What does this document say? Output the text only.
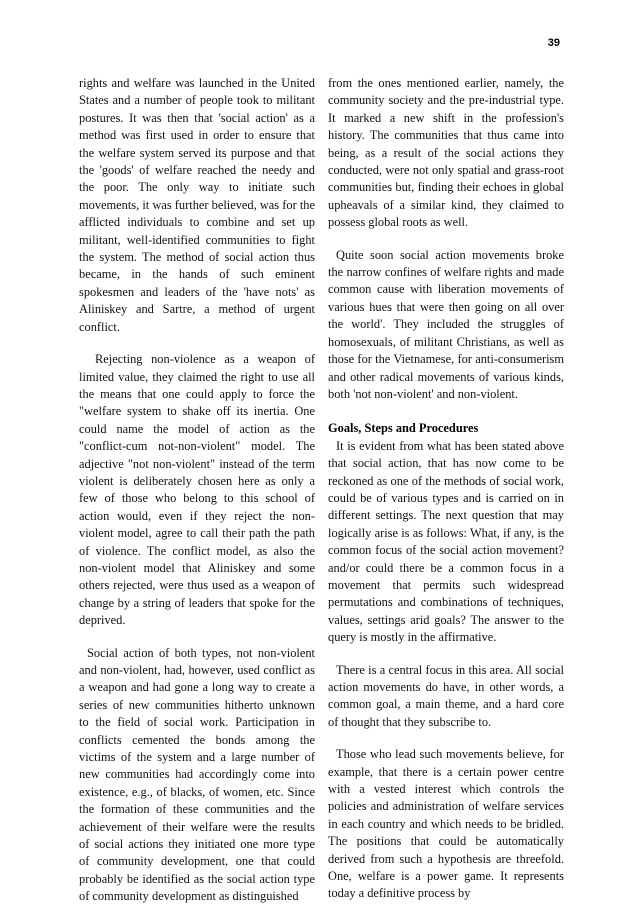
39

rights and welfare was launched in the United States and a number of people took to militant postures. It was then that 'social action' as a method was first used in order to ensure that the welfare system served its purpose and that the 'goods' of welfare reached the needy and the poor. The only way to initiate such movements, it was further believed, was for the afflicted individuals to combine and set up militant, well-identified communities to fight the system. The method of social action thus became, in the hands of such eminent spokesmen and leaders of the 'have nots' as Aliniskey and Sartre, a method of urgent conflict.

Rejecting non-violence as a weapon of limited value, they claimed the right to use all the means that one could apply to force the "welfare system to shake off its inertia. One could name the model of action as the "conflict-cum not-non-violent" model. The adjective "not non-violent" instead of the term violent is deliberately chosen here as only a few of those who belong to this school of action would, even if they reject the non-violent model, agree to call their path the path of violence. The conflict model, as also the non-violent model that Aliniskey and some others rejected, were thus used as a weapon of change by a string of leaders that spoke for the deprived.

Social action of both types, not non-violent and non-violent, had, however, used conflict as a weapon and had gone a long way to create a series of new communities hitherto unknown to the field of social work. Participation in conflicts cemented the bonds among the victims of the system and a large number of new communities had accordingly come into existence, e.g., of blacks, of women, etc. Since the formation of these communities and the achievement of their welfare were the results of social actions they initiated one more type of community development, one that could probably be identified as the social action type of community development as distinguished

from the ones mentioned earlier, namely, the community society and the pre-industrial type. It marked a new shift in the profession's history. The communities that thus came into being, as a result of the social actions they conducted, were not only spatial and grass-root communities but, finding their echoes in global upheavals of a similar kind, they claimed to possess global roots as well.

Quite soon social action movements broke the narrow confines of welfare rights and made common cause with liberation movements of various hues that were then going on all over the world'. They included the struggles of homosexuals, of militant Christians, as well as those for the Vietnamese, for anti-consumerism and other radical movements of various kinds, both 'not non-violent' and non-violent.

Goals, Steps and Procedures

It is evident from what has been stated above that social action, that has now come to be reckoned as one of the methods of social work, could be of various types and is carried on in different settings. The next question that may logically arise is as follows: What, if any, is the common focus of the social action movement? and/or could there be a common focus in a movement that permits such widespread permutations and combinations of techniques, values, settings arid goals? The answer to the query is mostly in the affirmative.

There is a central focus in this area. All social action movements do have, in other words, a common goal, a main theme, and a hard core of thought that they subscribe to.

Those who lead such movements believe, for example, that there is a certain power centre with a vested interest which controls the policies and administration of welfare services in each country and which needs to be bridled. The positions that could be automatically derived from such a hypothesis are threefold. One, welfare is a power game. It represents today a definitive process by
